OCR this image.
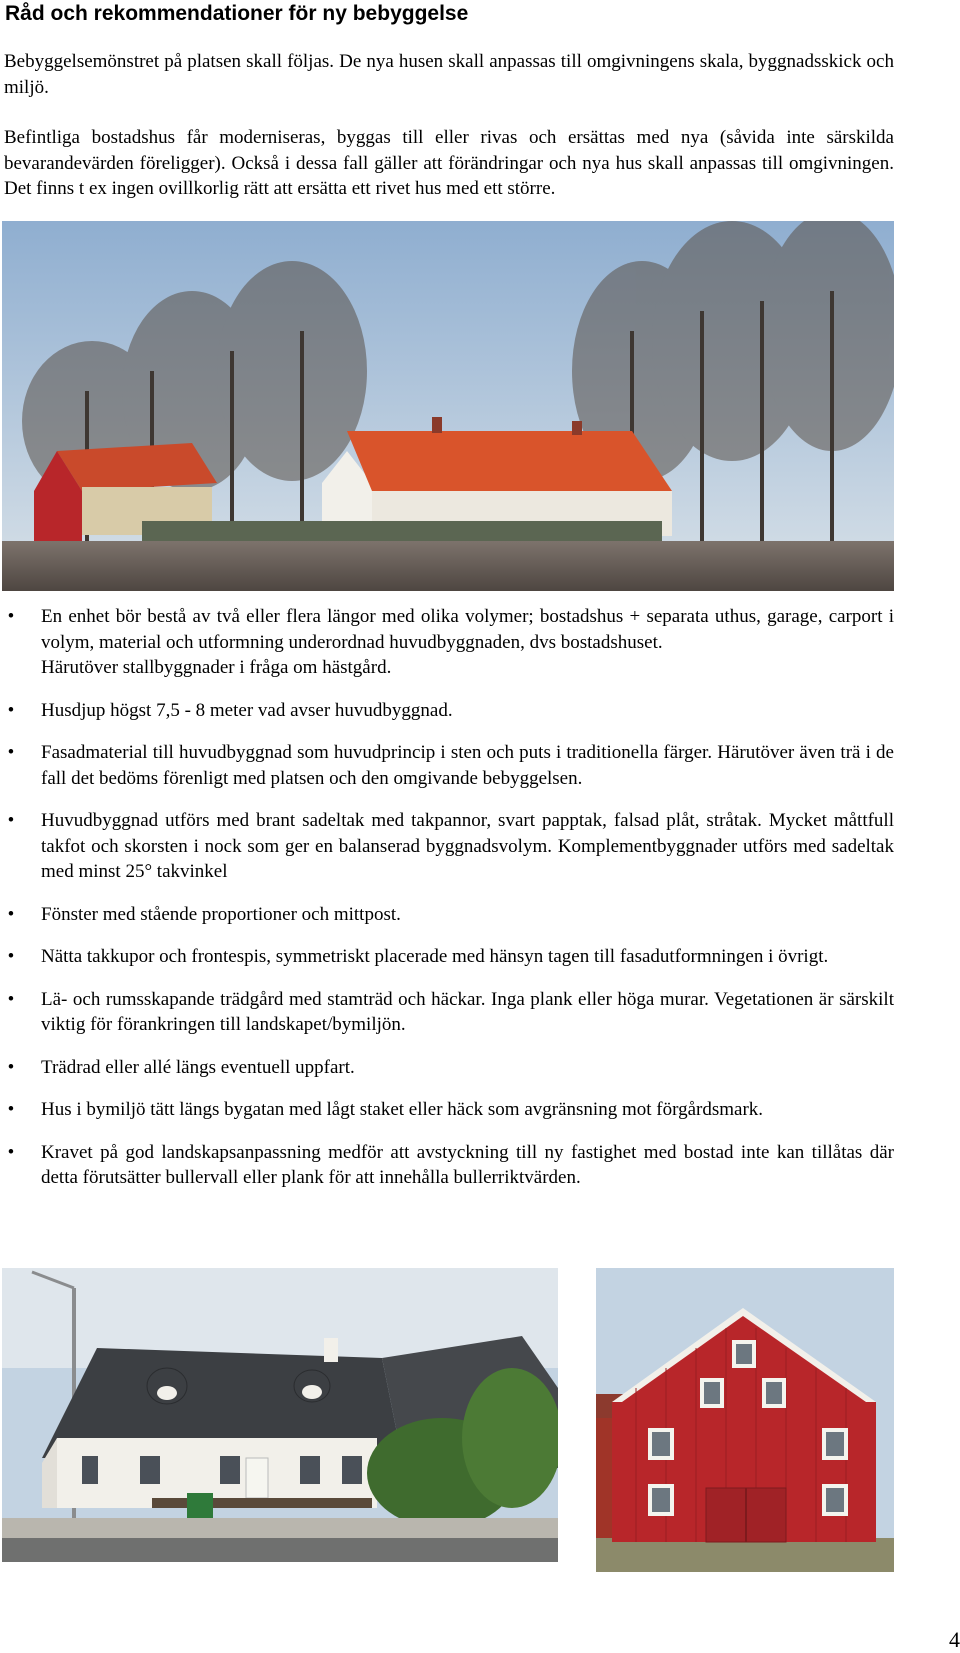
Råd och rekommendationer för ny bebyggelse

Bebyggelsemönstret på platsen skall följas. De nya husen skall anpassas till omgivningens skala, byggnadsskick och miljö.

Befintliga bostadshus får moderniseras, byggas till eller rivas och ersättas med nya (såvida inte särskilda bevarandevärden föreligger). Också i dessa fall gäller att förändringar och nya hus skall anpassas till omgivningen. Det finns t ex ingen ovillkorlig rätt att ersätta ett rivet hus med ett större.

• En enhet bör bestå av två eller flera längor med olika volymer; bostadshus + separata uthus, garage, carport i volym, material och utformning underordnad huvudbyggnaden, dvs bostadshuset.
Härutöver stallbyggnader i fråga om hästgård.
• Husdjup högst 7,5 - 8 meter vad avser huvudbyggnad.
• Fasadmaterial till huvudbyggnad som huvudprincip i sten och puts i traditionella färger. Härutöver även trä i de fall det bedöms förenligt med platsen och den omgivande bebyggelsen.
• Huvudbyggnad utförs med brant sadeltak med takpannor, svart papptak, falsad plåt, stråtak. Mycket måttfull takfot och skorsten i nock som ger en balanserad byggnadsvolym. Komplementbyggnader utförs med sadeltak med minst 25° takvinkel
• Fönster med stående proportioner och mittpost.
• Nätta takkupor och frontespis, symmetriskt placerade med hänsyn tagen till fasadutformningen i övrigt.
• Lä- och rumsskapande trädgård med stamträd och häckar. Inga plank eller höga murar. Vegetationen är särskilt viktig för förankringen till landskapet/bymiljön.
• Trädrad eller allé längs eventuell uppfart.
• Hus i bymiljö tätt längs bygatan med lågt staket eller häck som avgränsning mot förgårdsmark.
• Kravet på god landskapsanpassning medför att avstyckning till ny fastighet med bostad inte kan tillåtas där detta förutsätter bullervall eller plank för att innehålla bullerriktvärden.
4
